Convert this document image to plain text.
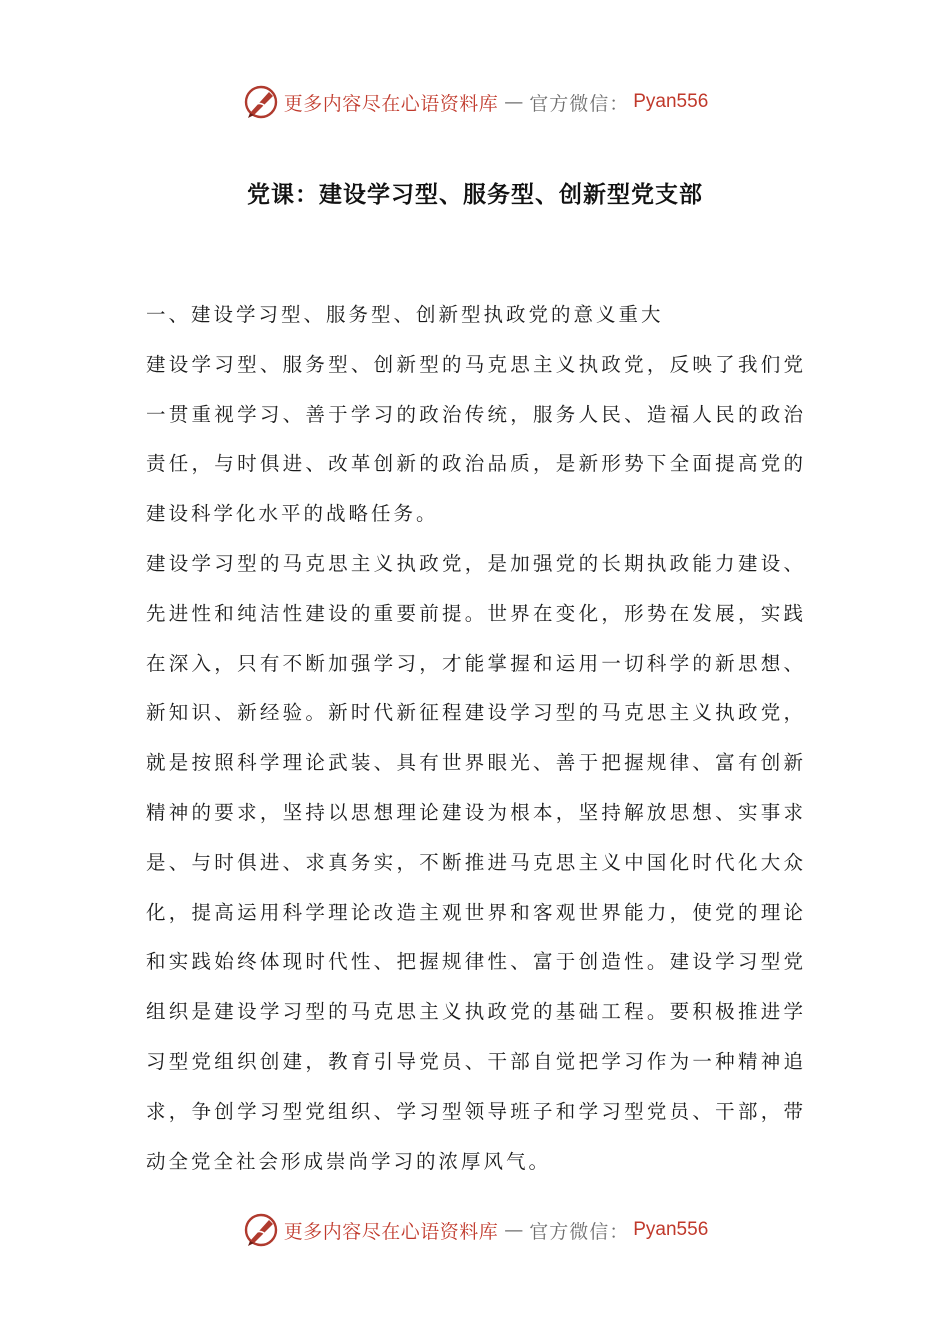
更多内容尽在心语资料库 — 官方微信： Pyan556
党课：建设学习型、服务型、创新型党支部

一、建设学习型、服务型、创新型执政党的意义重大

建设学习型、服务型、创新型的马克思主义执政党，反映了我们党一贯重视学习、善于学习的政治传统，服务人民、造福人民的政治责任，与时俱进、改革创新的政治品质，是新形势下全面提高党的建设科学化水平的战略任务。

建设学习型的马克思主义执政党，是加强党的长期执政能力建设、先进性和纯洁性建设的重要前提。世界在变化，形势在发展，实践在深入，只有不断加强学习，才能掌握和运用一切科学的新思想、新知识、新经验。新时代新征程建设学习型的马克思主义执政党，就是按照科学理论武装、具有世界眼光、善于把握规律、富有创新精神的要求，坚持以思想理论建设为根本，坚持解放思想、实事求是、与时俱进、求真务实，不断推进马克思主义中国化时代化大众化，提高运用科学理论改造主观世界和客观世界能力，使党的理论和实践始终体现时代性、把握规律性、富于创造性。建设学习型党组织是建设学习型的马克思主义执政党的基础工程。要积极推进学习型党组织创建，教育引导党员、干部自觉把学习作为一种精神追求，争创学习型党组织、学习型领导班子和学习型党员、干部，带动全党全社会形成崇尚学习的浓厚风气。

更多内容尽在心语资料库 — 官方微信： Pyan556
